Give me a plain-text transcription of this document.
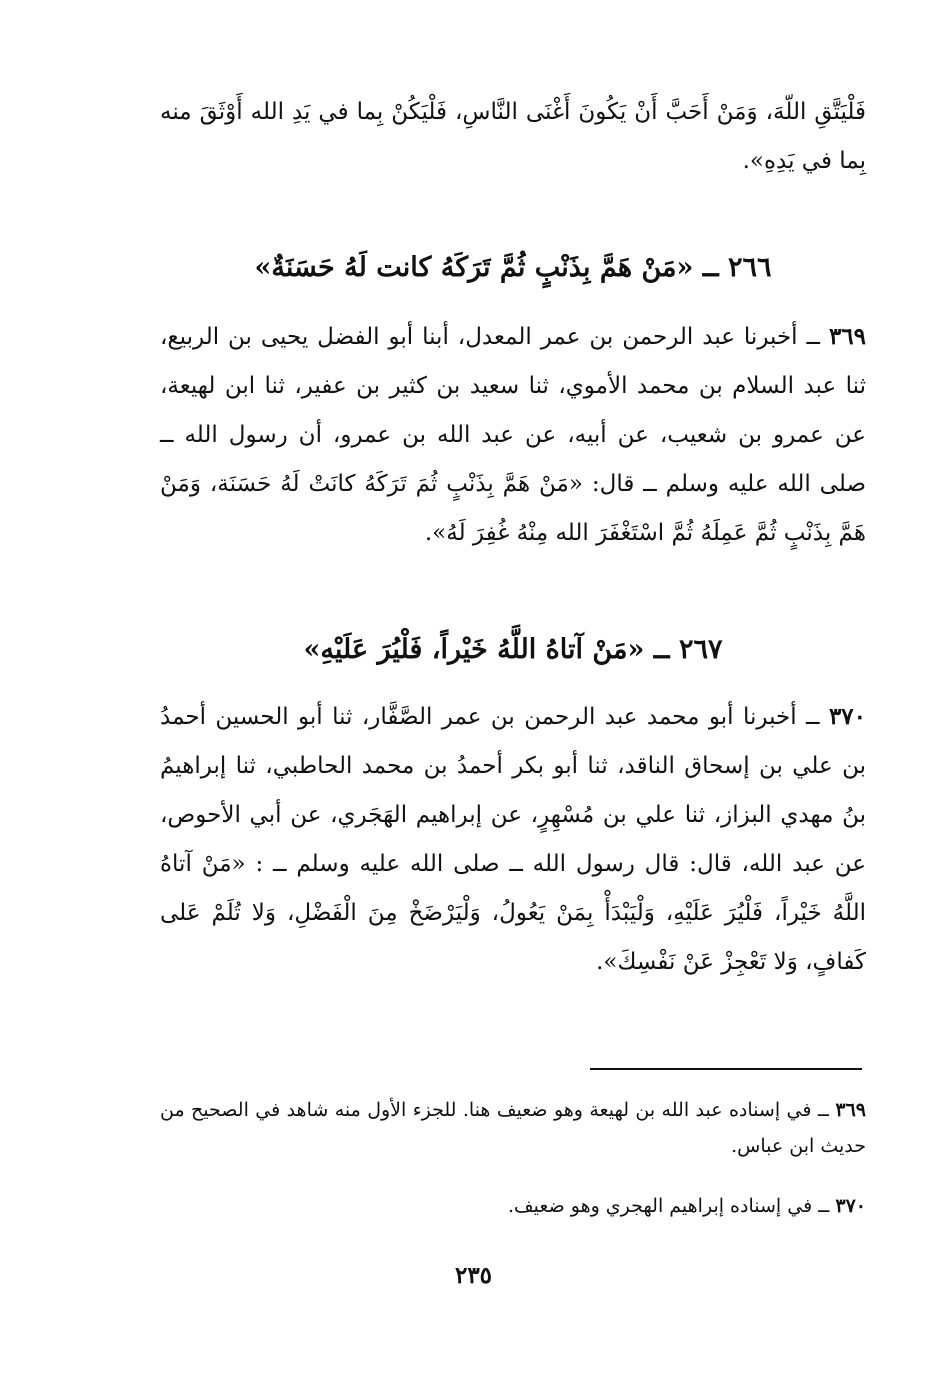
فَلْيَتَّقِ اللّهَ، وَمَنْ أَحَبَّ أَنْ يَكُونَ أَغْنَى النَّاسِ، فَلْيَكُنْ بِما في يَدِ الله أَوْثَقَ منه بِما في يَدِهِ».

٢٦٦ ــ «مَنْ هَمَّ بِذَنْبٍ ثُمَّ تَرَكَهُ كانت لَهُ حَسَنَةٌ»

٣٦٩ ــ أخبرنا عبد الرحمن بن عمر المعدل، أبنا أبو الفضل يحيى بن الربيع، ثنا عبد السلام بن محمد الأموي، ثنا سعيد بن كثير بن عفير، ثنا ابن لهيعة، عن عمرو بن شعيب، عن أبيه، عن عبد الله بن عمرو، أن رسول الله ــ صلى الله عليه وسلم ــ قال: «مَنْ هَمَّ بِذَنْبٍ ثُمَ تَرَكَهُ كانَتْ لَهُ حَسَنَة، وَمَنْ هَمَّ بِذَنْبٍ ثُمَّ عَمِلَهُ ثُمَّ اسْتَغْفَرَ الله مِنْهُ غُفِرَ لَهُ».

٢٦٧ ــ «مَنْ آتاهُ اللَّهُ خَيْراً، فَلْيُرَ عَلَيْهِ»

٣٧٠ ــ أخبرنا أبو محمد عبد الرحمن بن عمر الصَّفَّار، ثنا أبو الحسين أحمدُ بن علي بن إسحاق الناقد، ثنا أبو بكر أحمدُ بن محمد الحاطبي، ثنا إبراهيمُ بنُ مهدي البزاز، ثنا علي بن مُسْهِرٍ، عن إبراهيم الهَجَري، عن أبي الأحوص، عن عبد الله، قال: قال رسول الله ــ صلى الله عليه وسلم ــ : «مَنْ آتاهُ اللَّهُ خَيْراً، فَلْيُرَ عَلَيْهِ، وَلْيَبْدَأْ بِمَنْ يَعُولُ، وَلْيَرْضَخْ مِنَ الْفَضْلِ، وَلا تُلَمْ عَلى كَفافٍ، وَلا تَعْجِزْ عَنْ نَفْسِكَ».

٣٦٩ ــ في إسناده عبد الله بن لهيعة وهو ضعيف هنا. للجزء الأول منه شاهد في الصحيح من حديث ابن عباس.

٣٧٠ ــ في إسناده إبراهيم الهجري وهو ضعيف.

٢٣٥
